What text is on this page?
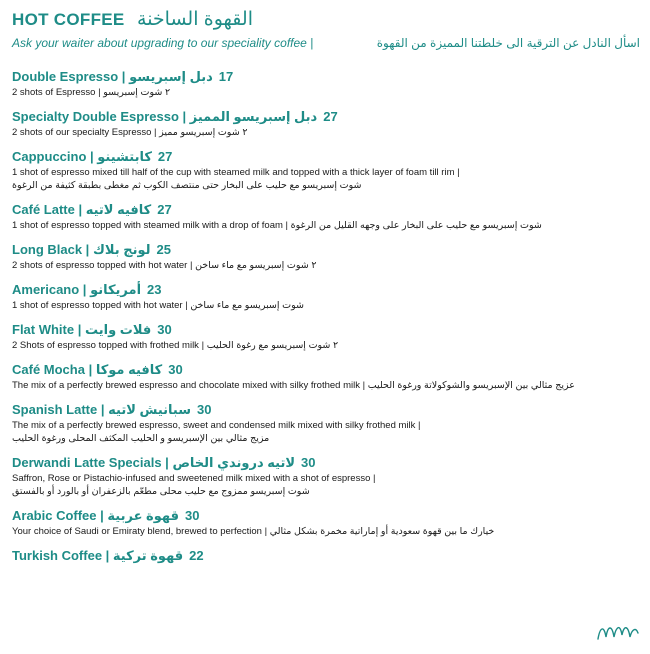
HOT COFFEE القهوة الساخنة
Ask your waiter about upgrading to our speciality coffee |	اسأل النادل عن الترقية الى خلطتنا المميزة من القهوة
Double Espresso | دبل إسبريسو 17
2 shots of Espresso | ٢ شوت إسبريسو
Specialty Double Espresso | دبل إسبريسو المميز 27
2 shots of our specialty Espresso | ٢ شوت إسبريسو مميز
Cappuccino | كابتشينو 27
1 shot of espresso mixed till half of the cup with steamed milk and topped with a thick layer of foam till rim |
شوت إسبريسو مع حليب على البخار حتى منتصف الكوب ثم مغطى بطبقة كثيفة من الرغوة
Café Latte | كافيه لاتيه 27
1 shot of espresso topped with steamed milk with a drop of foam | شوت إسبريسو مع حليب على البخار على وجهه القليل من الرغوة
Long Black | لونج بلاك 25
2 shots of espresso topped with hot water | ٢ شوت إسبريسو مع ماء ساخن
Americano | أمريكانو 23
1 shot of espresso topped with hot water | شوت إسبريسو مع ماء ساخن
Flat White | فلات وايت 30
2 Shots of espresso topped with frothed milk | ٢ شوت إسبريسو مع رغوة الحليب
Café Mocha | كافيه موكا 30
The mix of a perfectly brewed espresso and chocolate mixed with silky frothed milk | عزيج مثالي بين الإسبريسو والشوكولاتة ورغوة الحليب
Spanish Latte | سبانيش لاتيه 30
The mix of a perfectly brewed espresso, sweet and condensed milk mixed with silky frothed milk |
مزيج مثالي بين الإسبريسو و الحليب المكثف المحلى ورغوة الحليب
Derwandi Latte Specials | لاتيه دروندي الخاص 30
Saffron, Rose or Pistachio-infused and sweetened milk mixed with a shot of espresso |
شوت إسبريسو ممزوج مع حليب محلى مطعّم بالزعفران أو بالورد أو بالفستق
Arabic Coffee | قهوة عربية 30
Your choice of Saudi or Emiraty blend, brewed to perfection | خيارك ما بين قهوة سعودية أو إماراتية مخمرة بشكل مثالي
Turkish Coffee | قهوة تركية 22
